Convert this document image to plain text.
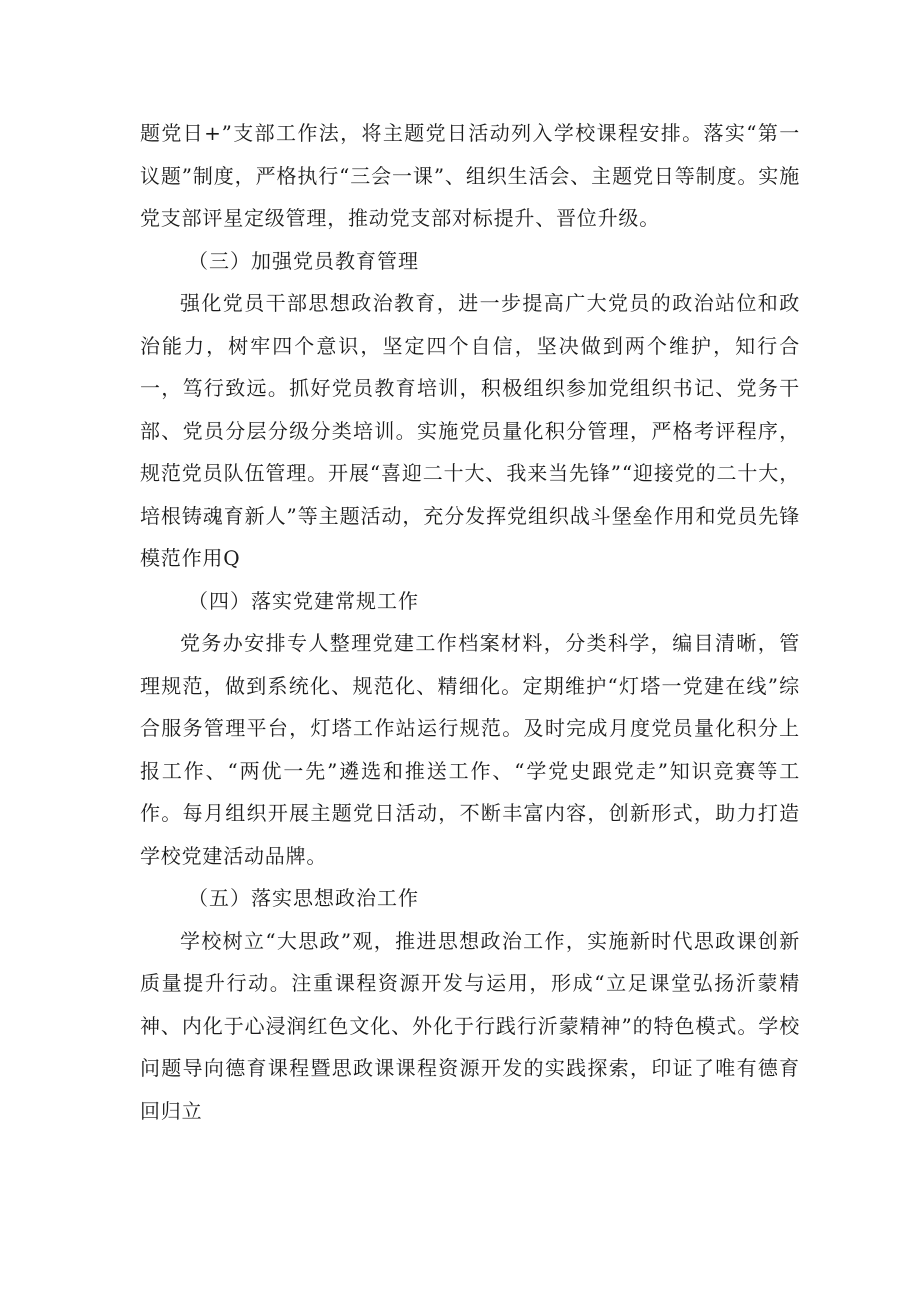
题党日+”支部工作法，将主题党日活动列入学校课程安排。落实“第一议题”制度，严格执行“三会一课”、组织生活会、主题党日等制度。实施党支部评星定级管理，推动党支部对标提升、晋位升级。

（三）加强党员教育管理

强化党员干部思想政治教育，进一步提高广大党员的政治站位和政治能力，树牢四个意识，坚定四个自信，坚决做到两个维护，知行合一，笃行致远。抓好党员教育培训，积极组织参加党组织书记、党务干部、党员分层分级分类培训。实施党员量化积分管理，严格考评程序，规范党员队伍管理。开展“喜迎二十大、我来当先锋”“迎接党的二十大，培根铸魂育新人”等主题活动，充分发挥党组织战斗堡垒作用和党员先锋模范作用Q

（四）落实党建常规工作

党务办安排专人整理党建工作档案材料，分类科学，编目清晰，管理规范，做到系统化、规范化、精细化。定期维护“灯塔一党建在线”综合服务管理平台，灯塔工作站运行规范。及时完成月度党员量化积分上报工作、“两优一先”遴选和推送工作、“学党史跟党走”知识竞赛等工作。每月组织开展主题党日活动，不断丰富内容，创新形式，助力打造学校党建活动品牌。

（五）落实思想政治工作

学校树立“大思政”观，推进思想政治工作，实施新时代思政课创新质量提升行动。注重课程资源开发与运用，形成“立足课堂弘扬沂蒙精神、内化于心浸润红色文化、外化于行践行沂蒙精神”的特色模式。学校问题导向德育课程暨思政课课程资源开发的实践探索，印证了唯有德育回归立
